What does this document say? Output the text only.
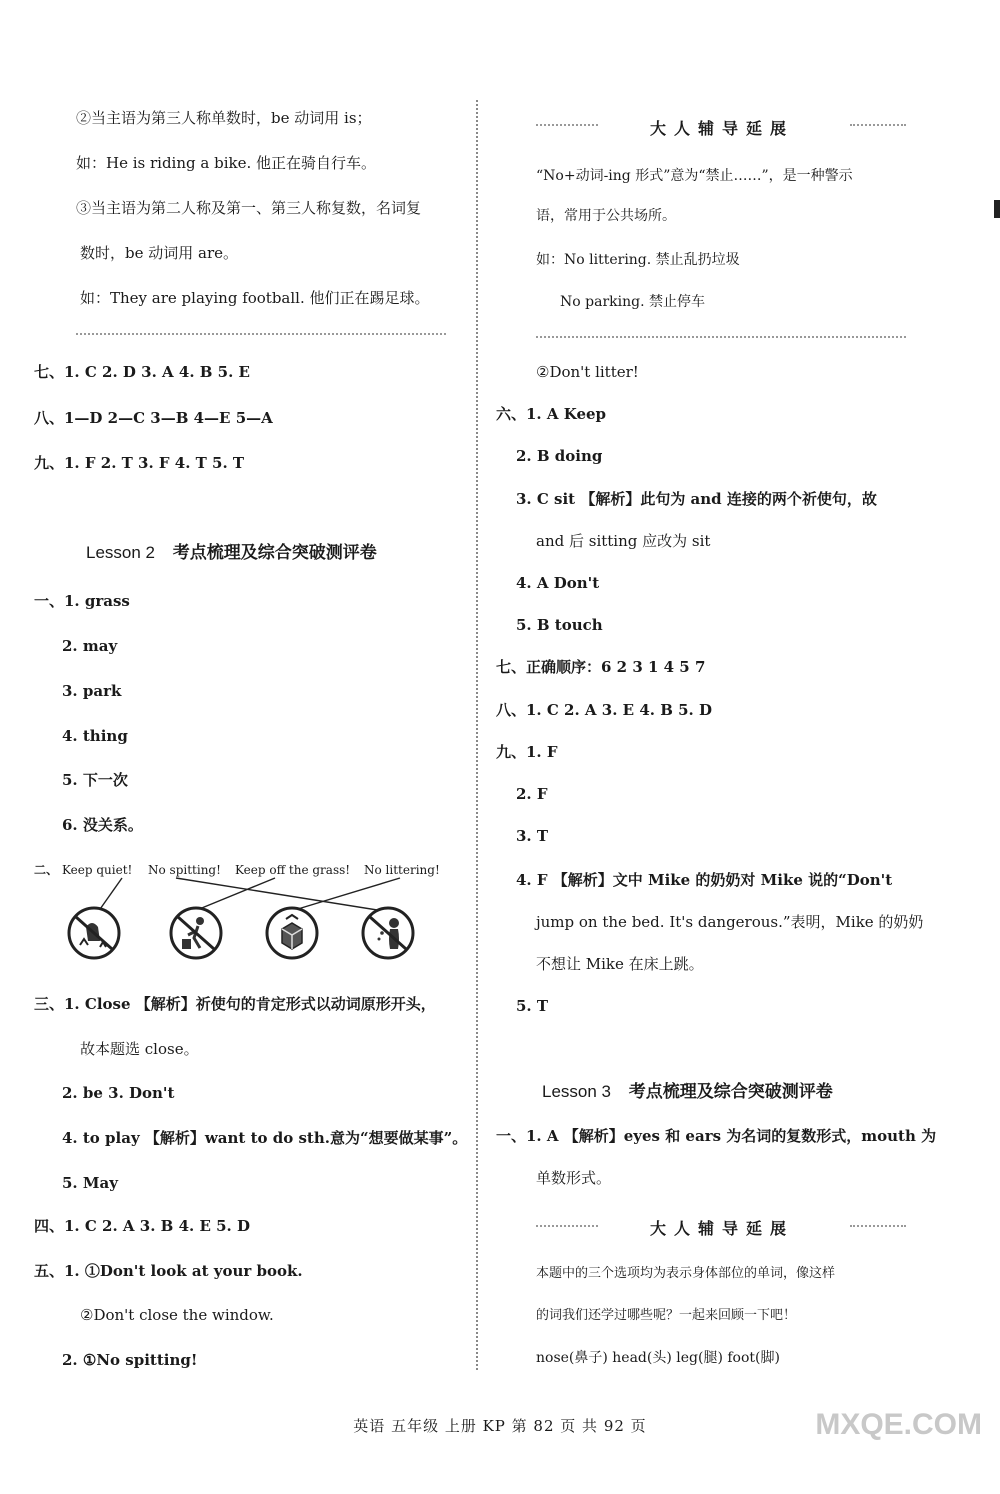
②当主语为第三人称单数时，be 动词用 is；
如：He is riding a bike. 他正在骑自行车。
③当主语为第二人称及第一、第三人称复数，名词复
数时，be 动词用 are。
如：They are playing football. 他们正在踢足球。
七、1. C 2. D 3. A 4. B 5. E
八、1—D 2—C 3—B 4—E 5—A
九、1. F 2. T 3. F 4. T 5. T
Lesson 2 考点梳理及综合突破测评卷
一、1. grass
2. may
3. park
4. thing
5. 下一次
6. 没关系。
二、 Keep quiet! No spitting! Keep off the grass! No littering!
三、1. Close 【解析】祈使句的肯定形式以动词原形开头，
故本题选 close。
2. be 3. Don't
4. to play 【解析】want to do sth.意为“想要做某事”。
5. May
四、1. C 2. A 3. B 4. E 5. D
五、1. ①Don't look at your book.
②Don't close the window.
2. ①No spitting!
大人辅导延展
“No+动词-ing 形式”意为“禁止……”，是一种警示
语，常用于公共场所。
如：No littering. 禁止乱扔垃圾
No parking. 禁止停车
②Don't litter!
六、1. A Keep
2. B doing
3. C sit 【解析】此句为 and 连接的两个祈使句，故
and 后 sitting 应改为 sit
4. A Don't
5. B touch
七、正确顺序：6 2 3 1 4 5 7
八、1. C 2. A 3. E 4. B 5. D
九、1. F
2. F
3. T
4. F 【解析】文中 Mike 的奶奶对 Mike 说的“Don't
jump on the bed. It's dangerous.”表明，Mike 的奶奶
不想让 Mike 在床上跳。
5. T
Lesson 3 考点梳理及综合突破测评卷
一、1. A 【解析】eyes 和 ears 为名词的复数形式，mouth 为
单数形式。
大人辅导延展
本题中的三个选项均为表示身体部位的单词，像这样
的词我们还学过哪些呢？一起来回顾一下吧！
nose(鼻子) head(头) leg(腿) foot(脚)
英语 五年级 上册 KP 第 82 页 共 92 页	MXQE.COM
